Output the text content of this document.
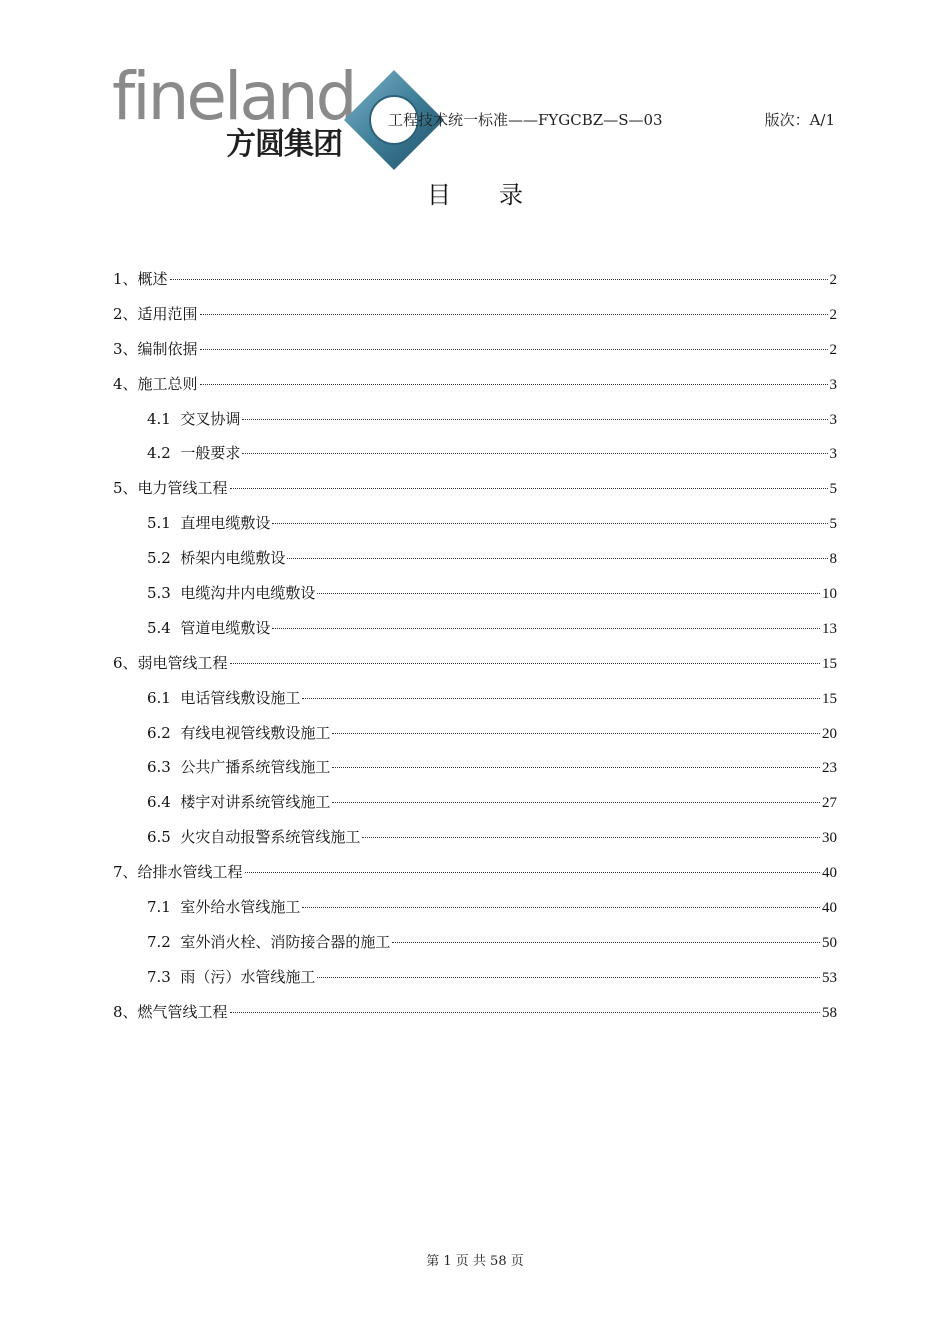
fineland
方圆集团
工程技术统一标准——FYGCBZ—S—03	版次：A/1
目录
1、概述	2
2、适用范围	2
3、编制依据	2
4、施工总则	3
4.1  交叉协调	3
4.2  一般要求	3
5、电力管线工程	5
5.1  直埋电缆敷设	5
5.2  桥架内电缆敷设	8
5.3  电缆沟井内电缆敷设	10
5.4  管道电缆敷设	13
6、弱电管线工程	15
6.1  电话管线敷设施工	15
6.2  有线电视管线敷设施工	20
6.3  公共广播系统管线施工	23
6.4  楼宇对讲系统管线施工	27
6.5  火灾自动报警系统管线施工	30
7、给排水管线工程	40
7.1  室外给水管线施工	40
7.2  室外消火栓、消防接合器的施工	50
7.3  雨（污）水管线施工	53
8、燃气管线工程	58
第 1 页 共 58 页
